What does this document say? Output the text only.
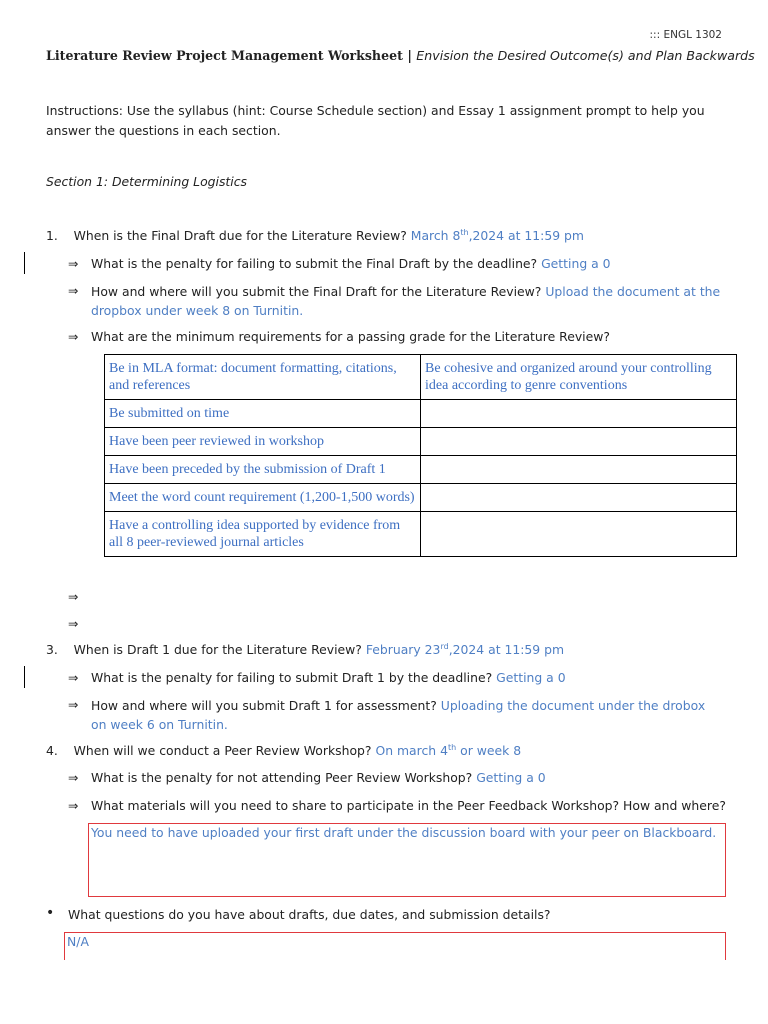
::: ENGL 1302
Literature Review Project Management Worksheet | Envision the Desired Outcome(s) and Plan Backwards
Instructions: Use the syllabus (hint: Course Schedule section) and Essay 1 assignment prompt to help you answer the questions in each section.
Section 1: Determining Logistics
1. When is the Final Draft due for the Literature Review? March 8th,2024 at 11:59 pm
⇒ What is the penalty for failing to submit the Final Draft by the deadline? Getting a 0
⇒ How and where will you submit the Final Draft for the Literature Review? Upload the document at the dropbox under week 8 on Turnitin.
⇒ What are the minimum requirements for a passing grade for the Literature Review?
Be in MLA format: document formatting, citations, and references	Be cohesive and organized around your controlling idea according to genre conventions
Be submitted on time	
Have been peer reviewed in workshop	
Have been preceded by the submission of Draft 1	
Meet the word count requirement (1,200-1,500 words)	
Have a controlling idea supported by evidence from all 8 peer-reviewed journal articles	
⇒
⇒
3. When is Draft 1 due for the Literature Review? February 23rd,2024 at 11:59 pm
⇒ What is the penalty for failing to submit Draft 1 by the deadline? Getting a 0
⇒ How and where will you submit Draft 1 for assessment? Uploading the document under the drobox on week 6 on Turnitin.
4. When will we conduct a Peer Review Workshop? On march 4th or week 8
⇒ What is the penalty for not attending Peer Review Workshop? Getting a 0
⇒ What materials will you need to share to participate in the Peer Feedback Workshop? How and where?
You need to have uploaded your first draft under the discussion board with your peer on Blackboard.
• What questions do you have about drafts, due dates, and submission details?
N/A
